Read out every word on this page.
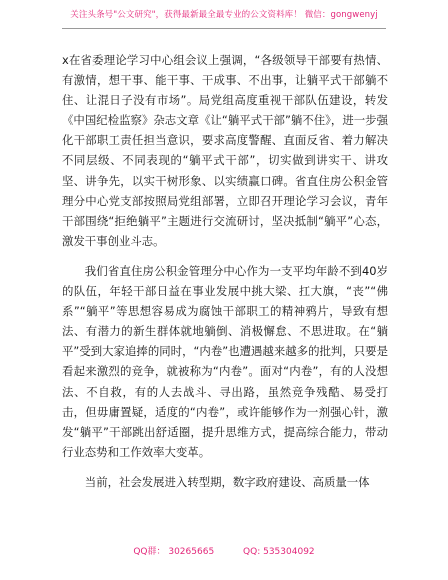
关注头条号"公文研究"，获得最新最全最专业的公文资料库！ 微信：gongwenyj

x在省委理论学习中心组会议上强调，“各级领导干部要有热情、有激情，想干事、能干事、干成事、不出事，让躺平式干部躺不住、让混日子没有市场”。局党组高度重视干部队伍建设，转发《中国纪检监察》杂志文章《让“躺平式干部”躺不住》，进一步强化干部职工责任担当意识，要求高度警醒、直面反省、着力解决不同层级、不同表现的“躺平式干部”，切实做到讲实干、讲攻坚、讲争先，以实干树形象、以实绩赢口碑。省直住房公积金管理分中心党支部按照局党组部署，立即召开理论学习会议，青年干部围绕“拒绝躺平”主题进行交流研讨，坚决抵制“躺平”心态，激发干事创业斗志。

我们省直住房公积金管理分中心作为一支平均年龄不到40岁的队伍，年轻干部日益在事业发展中挑大梁、扛大旗，“丧”“佛系”“躺平”等思想容易成为腐蚀干部职工的精神鸦片，导致有想法、有潜力的新生群体就地躺倒、消极懈怠、不思进取。在“躺平”受到大家追捧的同时，“内卷”也遭遇越来越多的批判，只要是看起来激烈的竞争，就被称为“内卷”。面对“内卷”，有的人没想法、不自救，有的人去战斗、寻出路，虽然竞争残酷、易受打击，但毋庸置疑，适度的“内卷”，或许能够作为一剂强心针，激发“躺平”干部跳出舒适圈，提升思维方式，提高综合能力，带动行业态势和工作效率大变革。

当前，社会发展进入转型期，数字政府建设、高质量一体

QQ群： 30265665	QQ: 535304092
